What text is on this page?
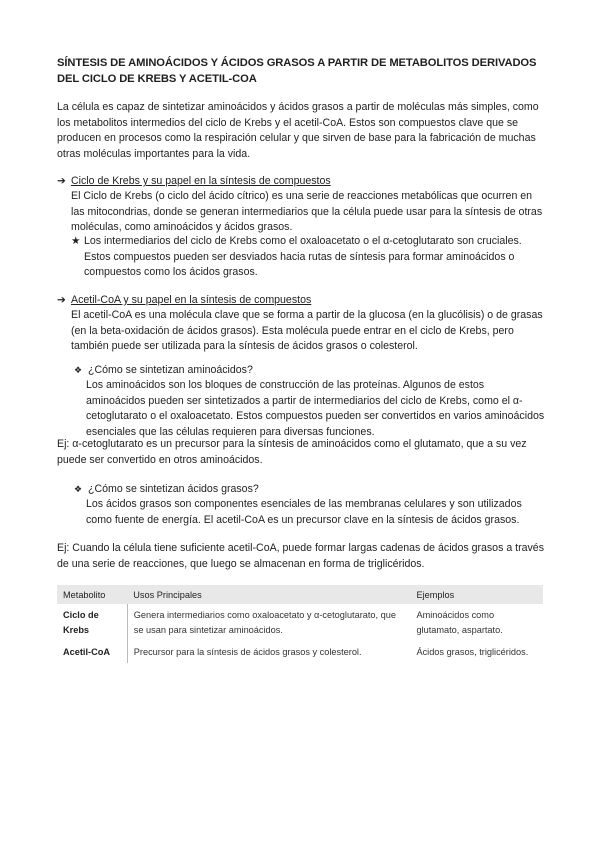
SÍNTESIS DE AMINOÁCIDOS Y ÁCIDOS GRASOS A PARTIR DE METABOLITOS DERIVADOS DEL CICLO DE KREBS Y ACETIL-COA
La célula es capaz de sintetizar aminoácidos y ácidos grasos a partir de moléculas más simples, como los metabolitos intermedios del ciclo de Krebs y el acetil-CoA. Estos son compuestos clave que se producen en procesos como la respiración celular y que sirven de base para la fabricación de muchas otras moléculas importantes para la vida.
➔ Ciclo de Krebs y su papel en la síntesis de compuestos
El Ciclo de Krebs (o ciclo del ácido cítrico) es una serie de reacciones metabólicas que ocurren en las mitocondrias, donde se generan intermediarios que la célula puede usar para la síntesis de otras moléculas, como aminoácidos y ácidos grasos.
★ Los intermediarios del ciclo de Krebs como el oxaloacetato o el α-cetoglutarato son cruciales. Estos compuestos pueden ser desviados hacia rutas de síntesis para formar aminoácidos o compuestos como los ácidos grasos.
➔ Acetil-CoA y su papel en la síntesis de compuestos
El acetil-CoA es una molécula clave que se forma a partir de la glucosa (en la glucólisis) o de grasas (en la beta-oxidación de ácidos grasos). Esta molécula puede entrar en el ciclo de Krebs, pero también puede ser utilizada para la síntesis de ácidos grasos o colesterol.
❖ ¿Cómo se sintetizan aminoácidos?
Los aminoácidos son los bloques de construcción de las proteínas. Algunos de estos aminoácidos pueden ser sintetizados a partir de intermediarios del ciclo de Krebs, como el α-cetoglutarato o el oxaloacetato. Estos compuestos pueden ser convertidos en varios aminoácidos esenciales que las células requieren para diversas funciones.
Ej: α-cetoglutarato es un precursor para la síntesis de aminoácidos como el glutamato, que a su vez puede ser convertido en otros aminoácidos.
❖ ¿Cómo se sintetizan ácidos grasos?
Los ácidos grasos son componentes esenciales de las membranas celulares y son utilizados como fuente de energía. El acetil-CoA es un precursor clave en la síntesis de ácidos grasos.
Ej: Cuando la célula tiene suficiente acetil-CoA, puede formar largas cadenas de ácidos grasos a través de una serie de reacciones, que luego se almacenan en forma de triglicéridos.
Metabolito	Usos Principales	Ejemplos
Ciclo de Krebs	Genera intermediarios como oxaloacetato y α-cetoglutarato, que se usan para sintetizar aminoácidos.	Aminoácidos como glutamato, aspartato.
Acetil-CoA	Precursor para la síntesis de ácidos grasos y colesterol.	Ácidos grasos, triglicéridos.
